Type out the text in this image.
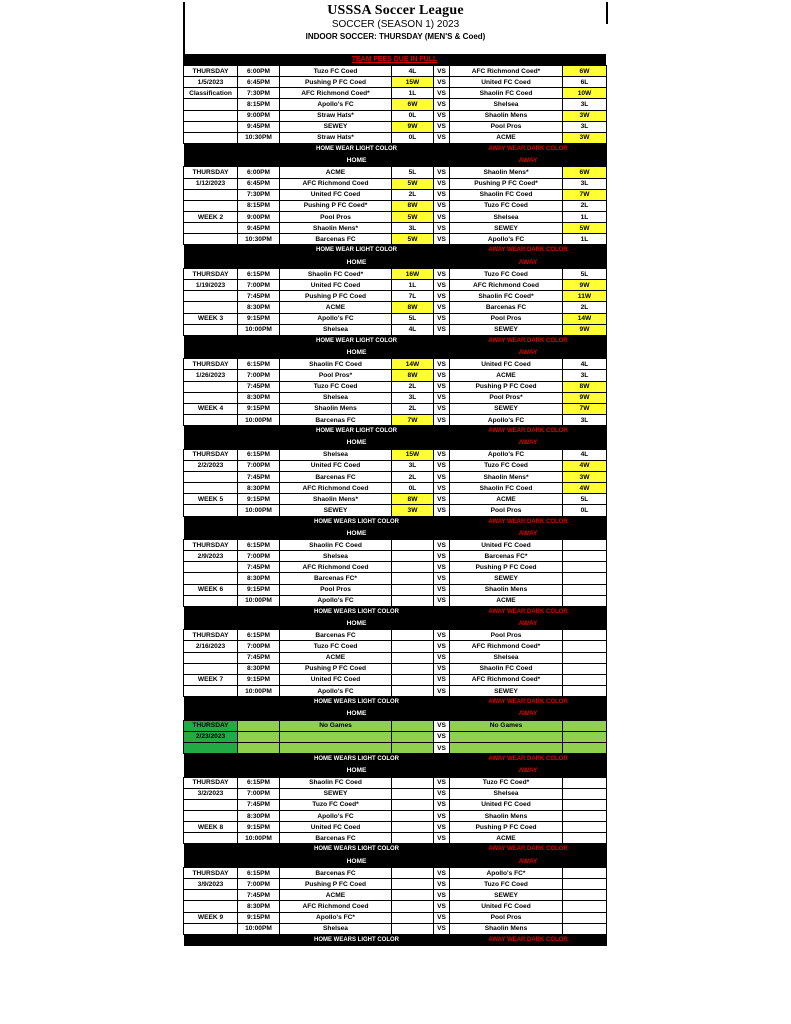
USSSA Soccer League
SOCCER (SEASON 1) 2023
INDOOR SOCCER: THURSDAY (MEN'S & Coed)
TEAM FEES DUE IN FULL
THURSDAY	6:00PM	Tuzo FC Coed	4L	VS	AFC Richmond Coed*	6W
1/5/2023	6:45PM	Pushing P FC Coed	15W	VS	United FC Coed	6L
Classification	7:30PM	AFC Richmond Coed*	1L	VS	Shaolin FC Coed	10W
	8:15PM	Apollo's FC	6W	VS	Shelsea	3L
	9:00PM	Straw Hats*	0L	VS	Shaolin Mens	3W
	9:45PM	SEWEY	9W	VS	Pool Pros	3L
	10:30PM	Straw Hats*	0L	VS	ACME	3W
		HOME WEAR LIGHT COLOR			AWAY WEAR DARK COLOR	
		HOME			AWAY	
THURSDAY	6:00PM	ACME	5L	VS	Shaolin Mens*	6W
1/12/2023	6:45PM	AFC Richmond Coed	5W	VS	Pushing P FC Coed*	3L
	7:30PM	United FC Coed	2L	VS	Shaolin FC Coed	7W
	8:15PM	Pushing P FC Coed*	8W	VS	Tuzo FC Coed	2L
WEEK 2	9:00PM	Pool Pros	5W	VS	Shelsea	1L
	9:45PM	Shaolin Mens*	3L	VS	SEWEY	5W
	10:30PM	Barcenas FC	5W	VS	Apollo's FC	1L
		HOME WEAR LIGHT COLOR			AWAY WEAR DARK COLOR	
		HOME			AWAY	
THURSDAY	6:15PM	Shaolin FC Coed*	16W	VS	Tuzo FC Coed	5L
1/19/2023	7:00PM	United FC Coed	1L	VS	AFC Richmond Coed	9W
	7:45PM	Pushing P FC Coed	7L	VS	Shaolin FC Coed*	11W
	8:30PM	ACME	8W	VS	Barcenas FC	2L
WEEK 3	9:15PM	Apollo's FC	5L	VS	Pool Pros	14W
	10:00PM	Shelsea	4L	VS	SEWEY	9W
		HOME WEAR LIGHT COLOR			AWAY WEAR DARK COLOR	
		HOME			AWAY	
THURSDAY	6:15PM	Shaolin FC Coed	14W	VS	United FC Coed	4L
1/26/2023	7:00PM	Pool Pros*	8W	VS	ACME	3L
	7:45PM	Tuzo FC Coed	2L	VS	Pushing P FC Coed	8W
	8:30PM	Shelsea	3L	VS	Pool Pros*	9W
WEEK 4	9:15PM	Shaolin Mens	2L	VS	SEWEY	7W
	10:00PM	Barcenas FC	7W	VS	Apollo's FC	3L
		HOME WEAR LIGHT COLOR			AWAY WEAR DARK COLOR	
		HOME			AWAY	
THURSDAY	6:15PM	Shelsea	15W	VS	Apollo's FC	4L
2/2/2023	7:00PM	United FC Coed	3L	VS	Tuzo FC Coed	4W
	7:45PM	Barcenas FC	2L	VS	Shaolin Mens*	3W
	8:30PM	AFC Richmond Coed	0L	VS	Shaolin FC Coed	4W
WEEK 5	9:15PM	Shaolin Mens*	8W	VS	ACME	5L
	10:00PM	SEWEY	3W	VS	Pool Pros	0L
		HOME WEARS LIGHT COLOR			AWAY WEAR DARK COLOR	
		HOME			AWAY	
THURSDAY	6:15PM	Shaolin FC Coed		VS	United FC Coed	
2/9/2023	7:00PM	Shelsea		VS	Barcenas FC*	
	7:45PM	AFC Richmond Coed		VS	Pushing P FC Coed	
	8:30PM	Barcenas FC*		VS	SEWEY	
WEEK 6	9:15PM	Pool Pros		VS	Shaolin Mens	
	10:00PM	Apollo's FC		VS	ACME	
		HOME WEARS LIGHT COLOR			AWAY WEAR DARK COLOR	
		HOME			AWAY	
THURSDAY	6:15PM	Barcenas FC		VS	Pool Pros	
2/16/2023	7:00PM	Tuzo FC Coed		VS	AFC Richmond Coed*	
	7:45PM	ACME		VS	Shelsea	
	8:30PM	Pushing P FC Coed		VS	Shaolin FC Coed	
WEEK 7	9:15PM	United FC Coed		VS	AFC Richmond Coed*	
	10:00PM	Apollo's FC		VS	SEWEY	
		HOME WEARS LIGHT COLOR			AWAY WEAR DARK COLOR	
		HOME			AWAY	
THURSDAY		No Games		VS	No Games	
2/23/2023				VS		
				VS		
		HOME WEARS LIGHT COLOR			AWAY WEAR DARK COLOR	
		HOME			AWAY	
THURSDAY	6:15PM	Shaolin FC Coed		VS	Tuzo FC Coed*	
3/2/2023	7:00PM	SEWEY		VS	Shelsea	
	7:45PM	Tuzo FC Coed*		VS	United FC Coed	
	8:30PM	Apollo's FC		VS	Shaolin Mens	
WEEK 8	9:15PM	United FC Coed		VS	Pushing P FC Coed	
	10:00PM	Barcenas FC		VS	ACME	
		HOME WEARS LIGHT COLOR			AWAY WEAR DARK COLOR	
		HOME			AWAY	
THURSDAY	6:15PM	Barcenas FC		VS	Apollo's FC*	
3/9/2023	7:00PM	Pushing P FC Coed		VS	Tuzo FC Coed	
	7:45PM	ACME		VS	SEWEY	
	8:30PM	AFC Richmond Coed		VS	United FC Coed	
WEEK 9	9:15PM	Apollo's FC*		VS	Pool Pros	
	10:00PM	Shelsea		VS	Shaolin Mens	
		HOME WEARS LIGHT COLOR			AWAY WEAR DARK COLOR	
